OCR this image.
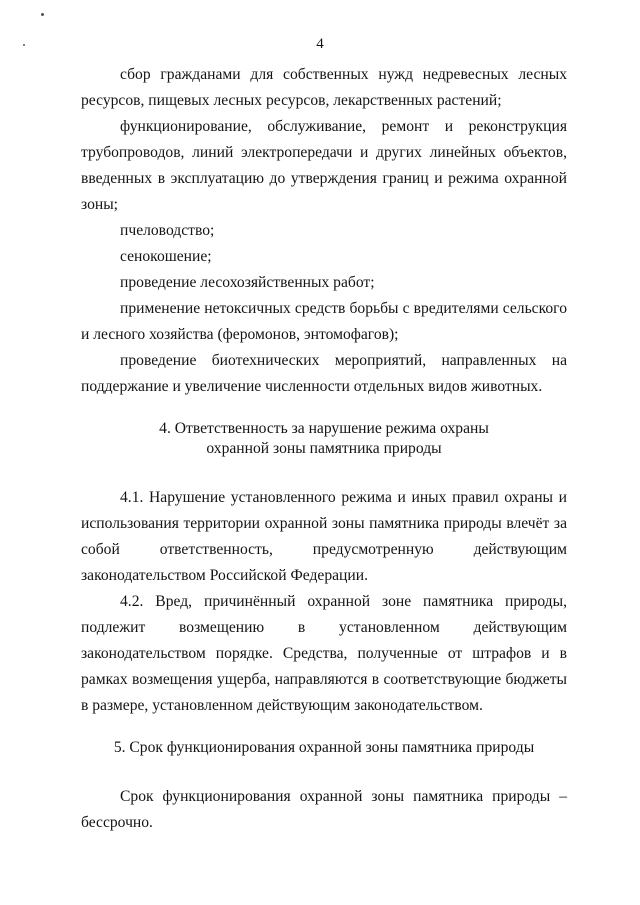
4

сбор гражданами для собственных нужд недревесных лесных ресурсов, пищевых лесных ресурсов, лекарственных растений;

функционирование, обслуживание, ремонт и реконструкция трубопроводов, линий электропередачи и других линейных объектов, введенных в эксплуатацию до утверждения границ и режима охранной зоны;

пчеловодство;

сенокошение;

проведение лесохозяйственных работ;

применение нетоксичных средств борьбы с вредителями сельского и лесного хозяйства (феромонов, энтомофагов);

проведение биотехнических мероприятий, направленных на поддержание и увеличение численности отдельных видов животных.

4. Ответственность за нарушение режима охраны

охранной зоны памятника природы

4.1. Нарушение установленного режима и иных правил охраны и использования территории охранной зоны памятника природы влечёт за собой ответственность, предусмотренную действующим законодательством Российской Федерации.

4.2. Вред, причинённый охранной зоне памятника природы, подлежит возмещению в установленном действующим законодательством порядке. Средства, полученные от штрафов и в рамках возмещения ущерба, направляются в соответствующие бюджеты в размере, установленном действующим законодательством.

5. Срок функционирования охранной зоны памятника природы

Срок функционирования охранной зоны памятника природы – бессрочно.
